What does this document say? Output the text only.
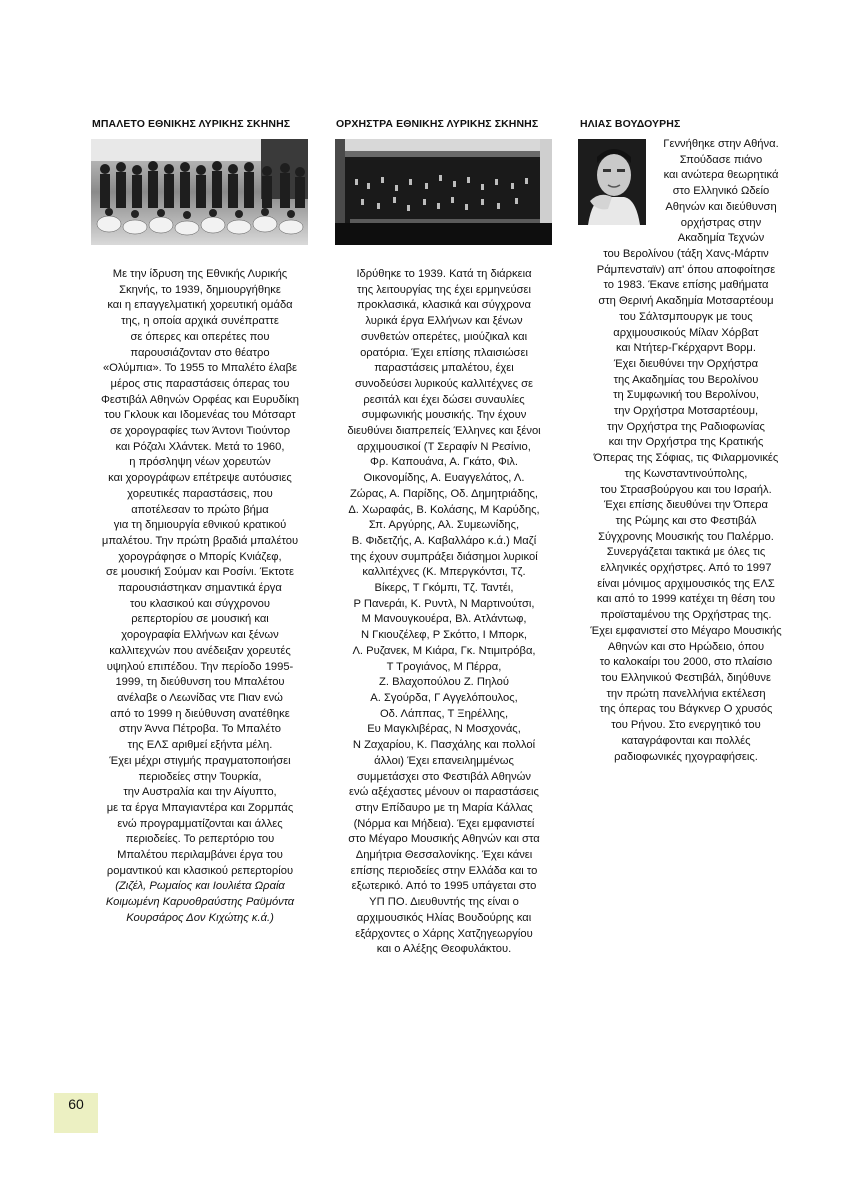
ΜΠΑΛΕΤΟ ΕΘΝΙΚΗΣ ΛΥΡΙΚΗΣ ΣΚΗΝΗΣ
Με την ίδρυση της Εθνικής Λυρικής
Σκηνής, το 1939, δημιουργήθηκε
και η επαγγελματική χορευτική ομάδα
της, η οποία αρχικά συνέπραττε
σε όπερες και οπερέτες που
παρουσιάζονταν στο θέατρο
«Ολύμπια». Το 1955 το Μπαλέτο έλαβε
μέρος στις παραστάσεις όπερας του
Φεστιβάλ Αθηνών Ορφέας και Ευρυδίκη
του Γκλουκ και Ιδομενέας του Μότσαρτ
σε χορογραφίες των Άντονι Τιούντορ
και Ρόζαλι Χλάντεκ. Μετά το 1960,
η πρόσληψη νέων χορευτών
και χορογράφων επέτρεψε αυτόυσιες
χορευτικές παραστάσεις, που
αποτέλεσαν το πρώτο βήμα
για τη δημιουργία εθνικού κρατικού
μπαλέτου. Την πρώτη βραδιά μπαλέτου
χορογράφησε ο Μπορίς Κνιάζεφ,
σε μουσική Σούμαν και Ροσίνι. Έκτοτε
παρουσιάστηκαν σημαντικά έργα
του κλασικού και σύγχρονου
ρεπερτορίου σε μουσική και
χορογραφία Ελλήνων και ξένων
καλλιτεχνών που ανέδειξαν χορευτές
υψηλού επιπέδου. Την περίοδο 1995-
1999, τη διεύθυνση του Μπαλέτου
ανέλαβε ο Λεωνίδας ντε Πιαν ενώ
από το 1999 η διεύθυνση ανατέθηκε
στην Άννα Πέτροβα. Το Μπαλέτο
της ΕΛΣ αριθμεί εξήντα μέλη.
Έχει μέχρι στιγμής πραγματοποιήσει
περιοδείες στην Τουρκία,
την Αυστραλία και την Αίγυπτο,
με τα έργα Μπαγιαντέρα και Ζορμπάς
ενώ προγραμματίζονται και άλλες
περιοδείες. Το ρεπερτόριο του
Μπαλέτου περιλαμβάνει έργα του
ρομαντικού και κλασικού ρεπερτορίου
(Ζιζέλ, Ρωμαίος και Ιουλιέτα Ωραία
Κοιμωμένη Καρυοθραύστης Ραϋμόντα
Κουρσάρος Δον Κιχώτης κ.ά.)
ΟΡΧΗΣΤΡΑ ΕΘΝΙΚΗΣ ΛΥΡΙΚΗΣ ΣΚΗΝΗΣ
Ιδρύθηκε το 1939. Κατά τη διάρκεια
της λειτουργίας της έχει ερμηνεύσει
προκλασικά, κλασικά και σύγχρονα
λυρικά έργα Ελλήνων και ξένων
συνθετών οπερέτες, μιούζικαλ και
ορατόρια. Έχει επίσης πλαισιώσει
παραστάσεις μπαλέτου, έχει
συνοδεύσει λυρικούς καλλιτέχνες σε
ρεσιτάλ και έχει δώσει συναυλίες
συμφωνικής μουσικής. Την έχουν
διευθύνει διαπρεπείς Έλληνες και ξένοι
αρχιμουσικοί (Τ Σεραφίν Ν Ρεσίνιο,
Φρ. Καπουάνα, Α. Γκάτο, Φιλ.
Οικονομίδης, Α. Ευαγγελάτος, Λ.
Ζώρας, Α. Παρίδης, Οδ. Δημητριάδης,
Δ. Χωραφάς, Β. Κολάσης, Μ Καρύδης,
Σπ. Αργύρης, Αλ. Συμεωνίδης,
Β. Φιδετζής, Α. Καβαλλάρο κ.ά.) Μαζί
της έχουν συμπράξει διάσημοι λυρικοί
καλλιτέχνες (Κ. Μπεργκόντσι, Τζ.
Βίκερς, Τ Γκόμπι, Τζ. Ταντέι,
Ρ Πανεράι, Κ. Ρυντλ, Ν Μαρτινούτσι,
Μ Μανουγκουέρα, Βλ. Ατλάντωφ,
Ν Γκιουζέλεφ, Ρ Σκόττο, Ι Μπορκ,
Λ. Ρυζανεκ, Μ Κιάρα, Γκ. Ντιμιτρόβα,
Τ Τρογιάνος, Μ Πέρρα,
Ζ. Βλαχοπούλου Ζ. Πηλού
Α. Σγούρδα, Γ Αγγελόπουλος,
Οδ. Λάππας, Τ Ξηρέλλης,
Ευ Μαγκλιβέρας, Ν Μοσχονάς,
Ν Ζαχαρίου, Κ. Πασχάλης και πολλοί
άλλοι) Έχει επανειλημμένως
συμμετάσχει στο Φεστιβάλ Αθηνών
ενώ αξέχαστες μένουν οι παραστάσεις
στην Επίδαυρο με τη Μαρία Κάλλας
(Νόρμα και Μήδεια). Έχει εμφανιστεί
στο Μέγαρο Μουσικής Αθηνών και στα
Δημήτρια Θεσσαλονίκης. Έχει κάνει
επίσης περιοδείες στην Ελλάδα και το
εξωτερικό. Από το 1995 υπάγεται στο
ΥΠ ΠΟ. Διευθυντής της είναι ο
αρχιμουσικός Ηλίας Βουδούρης και
εξάρχοντες ο Χάρης Χατζηγεωργίου
και ο Αλέξης Θεοφυλάκτου.
ΗΛΙΑΣ ΒΟΥΔΟΥΡΗΣ
Γεννήθηκε στην Αθήνα.
Σπούδασε πιάνο
και ανώτερα θεωρητικά
στο Ελληνικό Ωδείο
Αθηνών και διεύθυνση
ορχήστρας στην
Ακαδημία Τεχνών
του Βερολίνου (τάξη Χανς-Μάρτιν
Ράμπενσταϊν) απ' όπου αποφοίτησε
το 1983. Έκανε επίσης μαθήματα
στη Θερινή Ακαδημία Μοτσαρτέουμ
του Σάλτσμπουργκ με τους
αρχιμουσικούς Μίλαν Χόρβατ
και Ντήτερ-Γκέρχαρντ Βορμ.
Έχει διευθύνει την Ορχήστρα
της Ακαδημίας του Βερολίνου
τη Συμφωνική του Βερολίνου,
την Ορχήστρα Μοτσαρτέουμ,
την Ορχήστρα της Ραδιοφωνίας
και την Ορχήστρα της Κρατικής
Όπερας της Σόφιας, τις Φιλαρμονικές
της Κωνσταντινούπολης,
του Στρασβούργου και του Ισραήλ.
Έχει επίσης διευθύνει την Όπερα
της Ρώμης και στο Φεστιβάλ
Σύγχρονης Μουσικής του Παλέρμο.
Συνεργάζεται τακτικά με όλες τις
ελληνικές ορχήστρες. Από το 1997
είναι μόνιμος αρχιμουσικός της ΕΛΣ
και από το 1999 κατέχει τη θέση του
προϊσταμένου της Ορχήστρας της.
Έχει εμφανιστεί στο Μέγαρο Μουσικής
Αθηνών και στο Ηρώδειο, όπου
το καλοκαίρι του 2000, στο πλαίσιο
του Ελληνικού Φεστιβάλ, διηύθυνε
την πρώτη πανελλήνια εκτέλεση
της όπερας του Βάγκνερ Ο χρυσός
του Ρήνου. Στο ενεργητικό του
καταγράφονται και πολλές
ραδιοφωνικές ηχογραφήσεις.
60
